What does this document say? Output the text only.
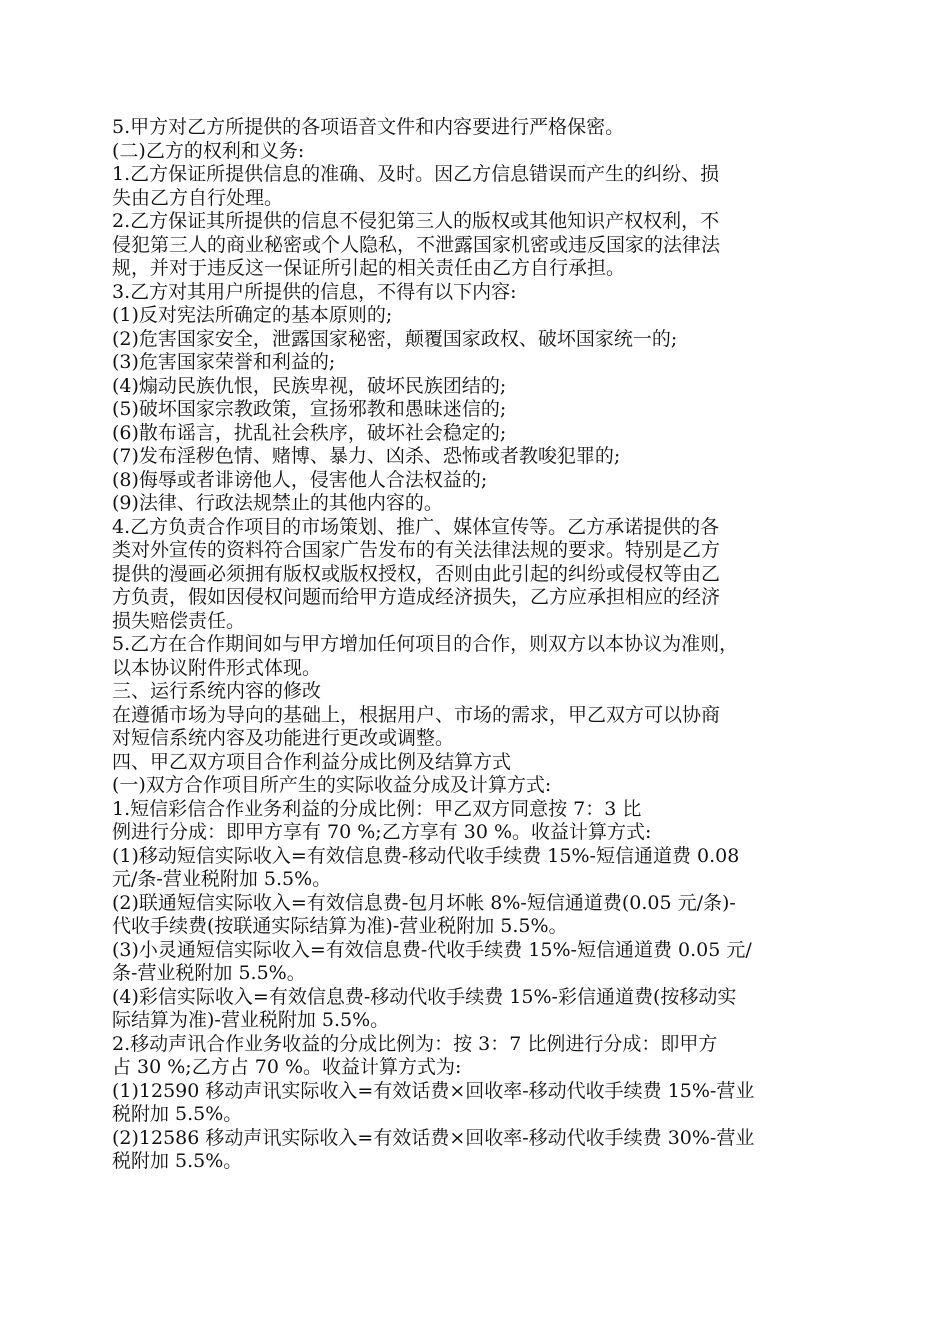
5.甲方对乙方所提供的各项语音文件和内容要进行严格保密。
(二)乙方的权利和义务:
1.乙方保证所提供信息的准确、及时。因乙方信息错误而产生的纠纷、损
失由乙方自行处理。
2.乙方保证其所提供的信息不侵犯第三人的版权或其他知识产权权利，不
侵犯第三人的商业秘密或个人隐私，不泄露国家机密或违反国家的法律法
规，并对于违反这一保证所引起的相关责任由乙方自行承担。
3.乙方对其用户所提供的信息，不得有以下内容:
(1)反对宪法所确定的基本原则的;
(2)危害国家安全，泄露国家秘密，颠覆国家政权、破坏国家统一的;
(3)危害国家荣誉和利益的;
(4)煽动民族仇恨，民族卑视，破坏民族团结的;
(5)破坏国家宗教政策，宣扬邪教和愚昧迷信的;
(6)散布谣言，扰乱社会秩序，破坏社会稳定的;
(7)发布淫秽色情、赌博、暴力、凶杀、恐怖或者教唆犯罪的;
(8)侮辱或者诽谤他人，侵害他人合法权益的;
(9)法律、行政法规禁止的其他内容的。
4.乙方负责合作项目的市场策划、推广、媒体宣传等。乙方承诺提供的各
类对外宣传的资料符合国家广告发布的有关法律法规的要求。特别是乙方
提供的漫画必须拥有版权或版权授权，否则由此引起的纠纷或侵权等由乙
方负责，假如因侵权问题而给甲方造成经济损失，乙方应承担相应的经济
损失赔偿责任。
5.乙方在合作期间如与甲方增加任何项目的合作，则双方以本协议为准则，
以本协议附件形式体现。
三、运行系统内容的修改
在遵循市场为导向的基础上，根据用户、市场的需求，甲乙双方可以协商
对短信系统内容及功能进行更改或调整。
四、甲乙双方项目合作利益分成比例及结算方式
(一)双方合作项目所产生的实际收益分成及计算方式:
1.短信彩信合作业务利益的分成比例：甲乙双方同意按 7：3 比
例进行分成：即甲方享有 70 %;乙方享有 30 %。收益计算方式:
(1)移动短信实际收入=有效信息费-移动代收手续费 15%-短信通道费 0.08
元/条-营业税附加 5.5%。
(2)联通短信实际收入=有效信息费-包月坏帐 8%-短信通道费(0.05 元/条)-
代收手续费(按联通实际结算为准)-营业税附加 5.5%。
(3)小灵通短信实际收入=有效信息费-代收手续费 15%-短信通道费 0.05 元/
条-营业税附加 5.5%。
(4)彩信实际收入=有效信息费-移动代收手续费 15%-彩信通道费(按移动实
际结算为准)-营业税附加 5.5%。
2.移动声讯合作业务收益的分成比例为：按 3：7 比例进行分成：即甲方
占 30 %;乙方占 70 %。收益计算方式为:
(1)12590 移动声讯实际收入=有效话费×回收率-移动代收手续费 15%-营业
税附加 5.5%。
(2)12586 移动声讯实际收入=有效话费×回收率-移动代收手续费 30%-营业
税附加 5.5%。
